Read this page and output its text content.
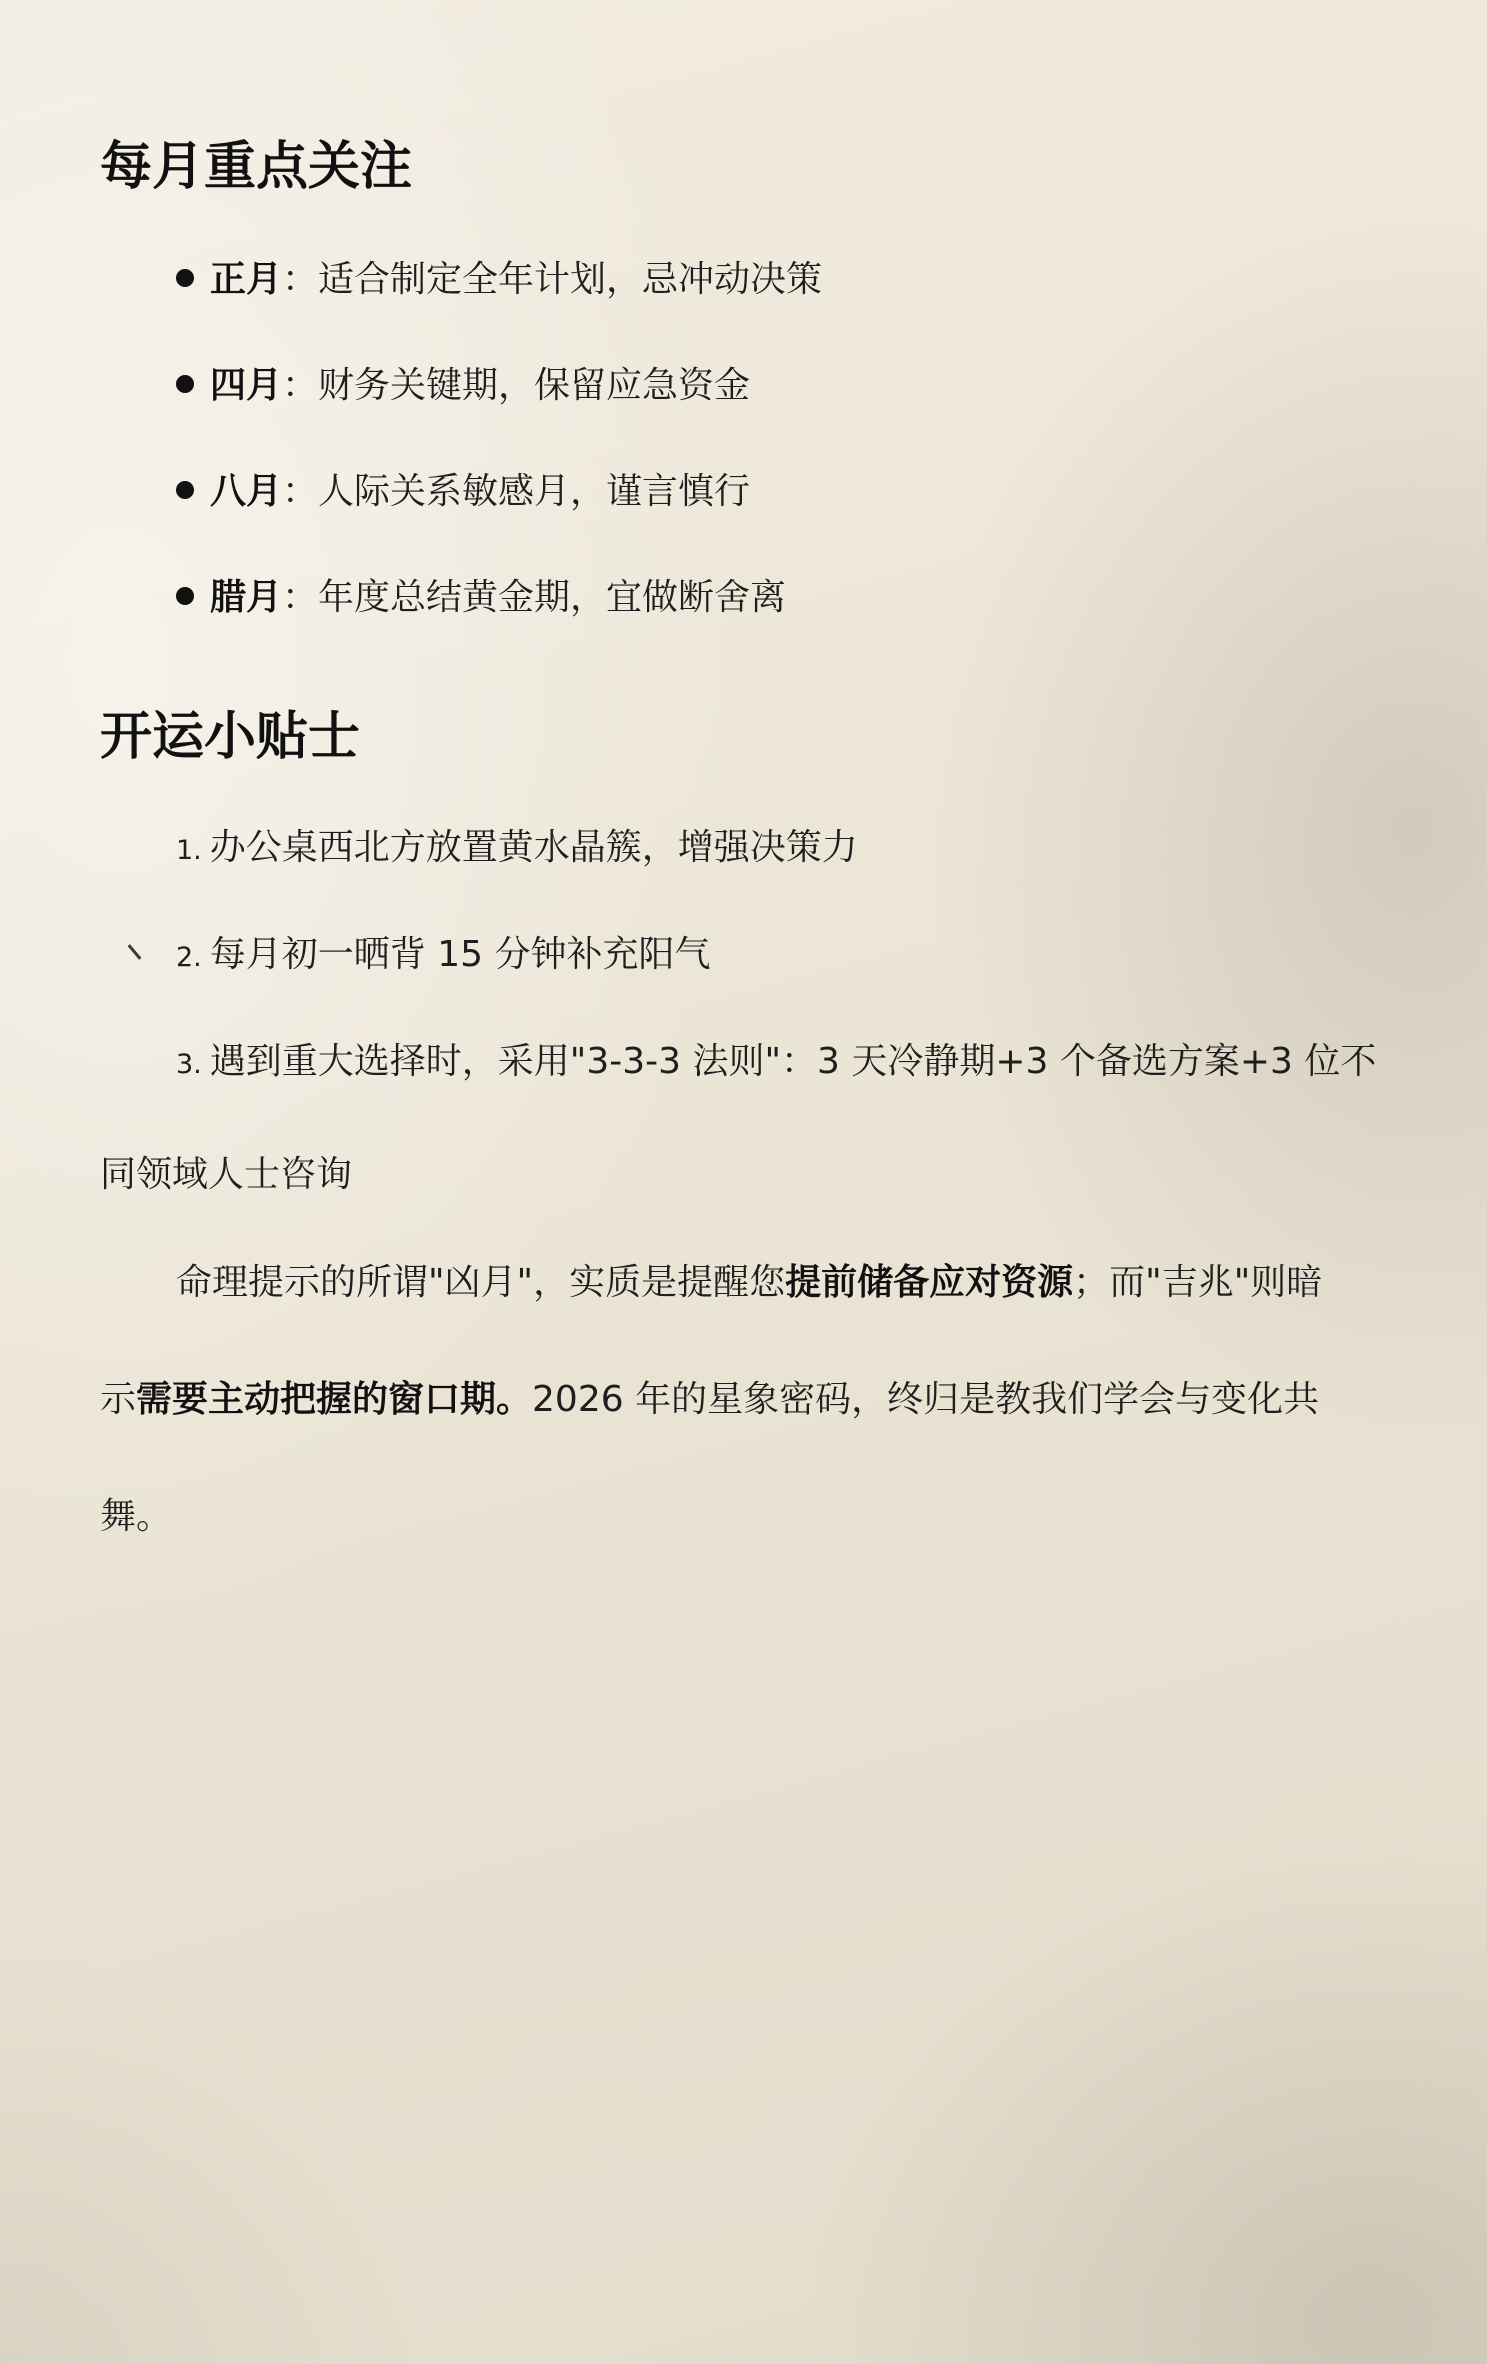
每月重点关注
正月：适合制定全年计划，忌冲动决策
四月：财务关键期，保留应急资金
八月：人际关系敏感月，谨言慎行
腊月：年度总结黄金期，宜做断舍离
开运小贴士
1. 办公桌西北方放置黄水晶簇，增强决策力
2. 每月初一晒背 15 分钟补充阳气
3. 遇到重大选择时，采用"3-3-3 法则"：3 天冷静期+3 个备选方案+3 位不
同领域人士咨询
命理提示的所谓"凶月"，实质是提醒您提前储备应对资源；而"吉兆"则暗
示需要主动把握的窗口期。2026 年的星象密码，终归是教我们学会与变化共
舞。
